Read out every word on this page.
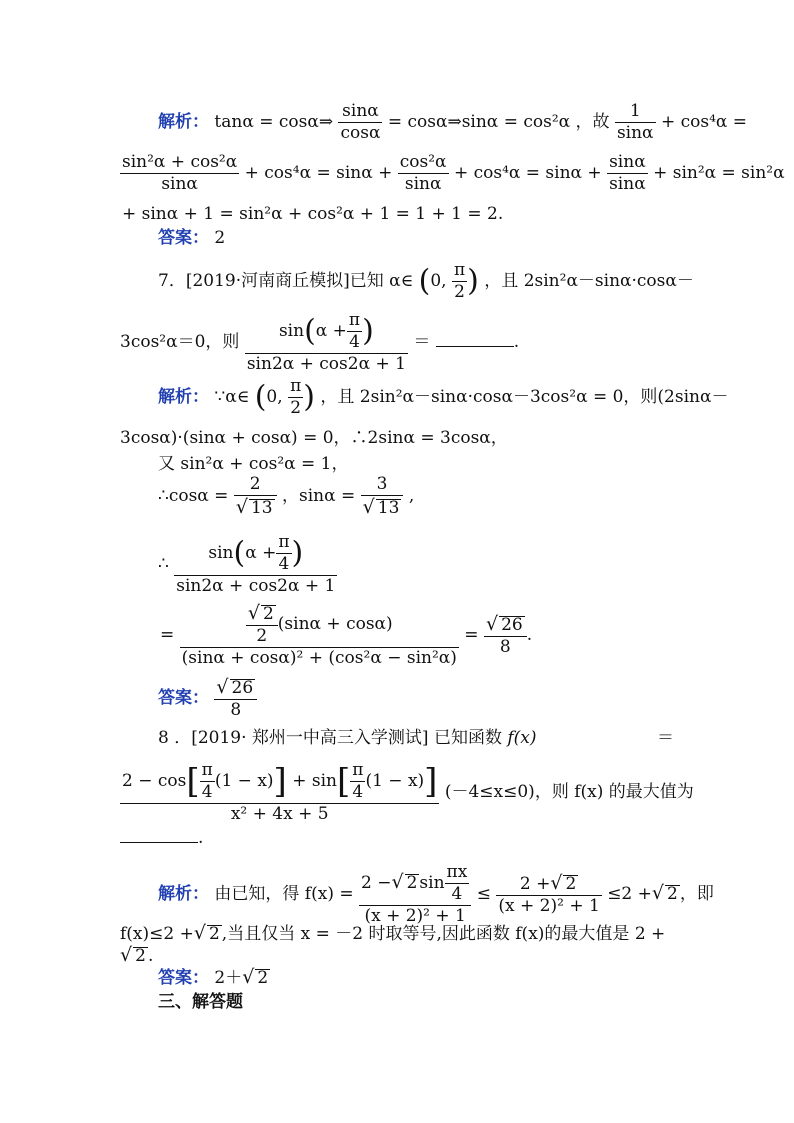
解析： tanα = cosα⇒ $\frac{\sin\alpha}{\cos\alpha}$ = cosα⇒sinα = cos²α ，故 $\frac{1}{\sin\alpha} + \cos^4\alpha$ =
$\frac{\text{sin²α + cos²α}}{\sin\alpha} + \cos^4\alpha = \sin\alpha + \frac{\text{cos²α}}{\sin\alpha} + \cos^4\alpha = \sin\alpha + \frac{\sin\alpha}{\sin\alpha} + \sin^2\alpha = \sin^2\alpha$
+ sinα + 1 = sin²α + cos²α + 1 = 1 + 1 = 2.
答案： 2
7．[2019·河南商丘模拟]已知 α∈ (0, $\frac{\pi}{2}$ ) ，且 2sin²α－sinα·cosα－
3cos²α＝0，则 $\frac{\sin(\alpha + \frac{\pi}{4} )}{\sin 2\alpha + \cos 2\alpha + 1}$ ＝	.
解析： ∵α∈ (0, $\frac{\pi}{2}$ ) ，且 2sin²α－sinα·cosα－3cos²α = 0，则(2sinα－
3cosα)·(sinα + cosα) = 0，∴2sinα = 3cosα，
又 sin²α + cos²α = 1，
∴cosα = $\frac{2}{√ 13}$ ，$\sin\alpha = \frac{3}{√ 13}$ ,
∴ $\frac{\sin(\alpha + \frac{\pi}{4} )}{\sin 2\alpha + \cos 2\alpha + 1}$
= $\frac{\frac{√ 2}{2} (\sin\alpha + \cos\alpha)}{\text{(sinα + cosα)² + (cos²α − sin²α)}} = \frac{√ 26}{8}$ .
答案： $\frac{√ 26}{8}$
8 ．[2019· 郑州一中高三入学测试] 已知函数 f(x)	＝
$\frac{2 - \cos[ \frac{\pi}{4} (1 - x)] + \sin[ \frac{\pi}{4} (1 - x)]}{\text{x² + 4x + 5}} (-4\le x\le 0)$，则 f(x) 的最大值为
.
解析： 由已知，得 $f(x) = \frac{2 -√ 2 \sin \frac{\pi x}{4}}{\text{(x + 2)² + 1}} \le \frac{2 +√ 2}{\text{(x + 2)² + 1}} \le 2$ +√ 2 ，即
f(x)≤2 +√ 2 ,当且仅当 x = －2 时取等号,因此函数 f(x)的最大值是 2 +
√ 2 .
答案： 2＋√ 2
三、解答题
